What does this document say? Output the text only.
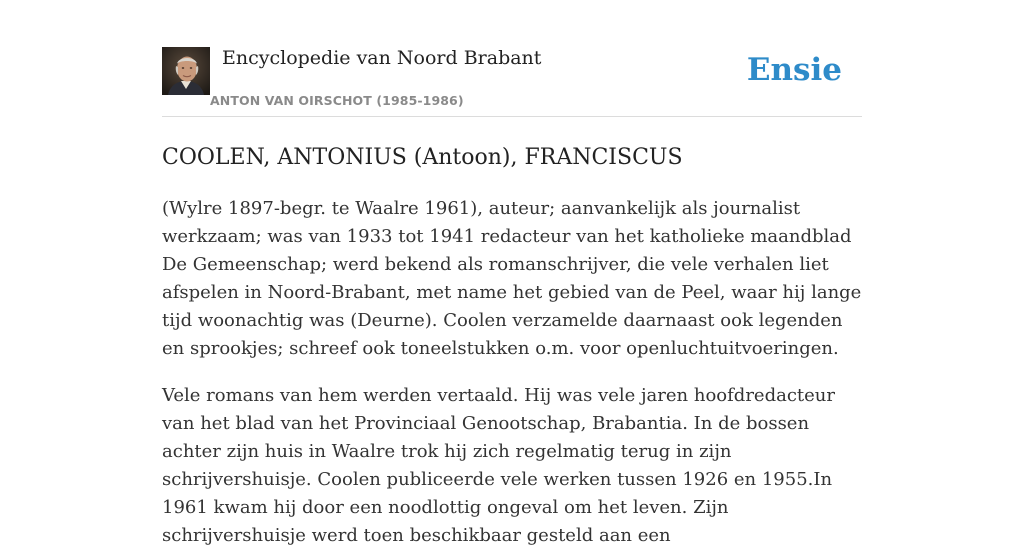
Encyclopedie van Noord Brabant
ANTON VAN OIRSCHOT (1985-1986)
Ensie
COOLEN, ANTONIUS (Antoon), FRANCISCUS

(Wylre 1897-begr. te Waalre 1961), auteur; aanvankelijk als journalist werkzaam; was van 1933 tot 1941 redacteur van het katholieke maandblad De Gemeenschap; werd bekend als romanschrijver, die vele verhalen liet afspelen in Noord-Brabant, met name het gebied van de Peel, waar hij lange tijd woonachtig was (Deurne). Coolen verzamelde daarnaast ook legenden en sprookjes; schreef ook toneelstukken o.m. voor openluchtuitvoeringen.

Vele romans van hem werden vertaald. Hij was vele jaren hoofdredacteur van het blad van het Provinciaal Genootschap, Brabantia. In de bossen achter zijn huis in Waalre trok hij zich regelmatig terug in zijn schrijvershuisje. Coolen publiceerde vele werken tussen 1926 en 1955.In 1961 kwam hij door een noodlottig ongeval om het leven. Zijn schrijvershuisje werd toen beschikbaar gesteld aan een
